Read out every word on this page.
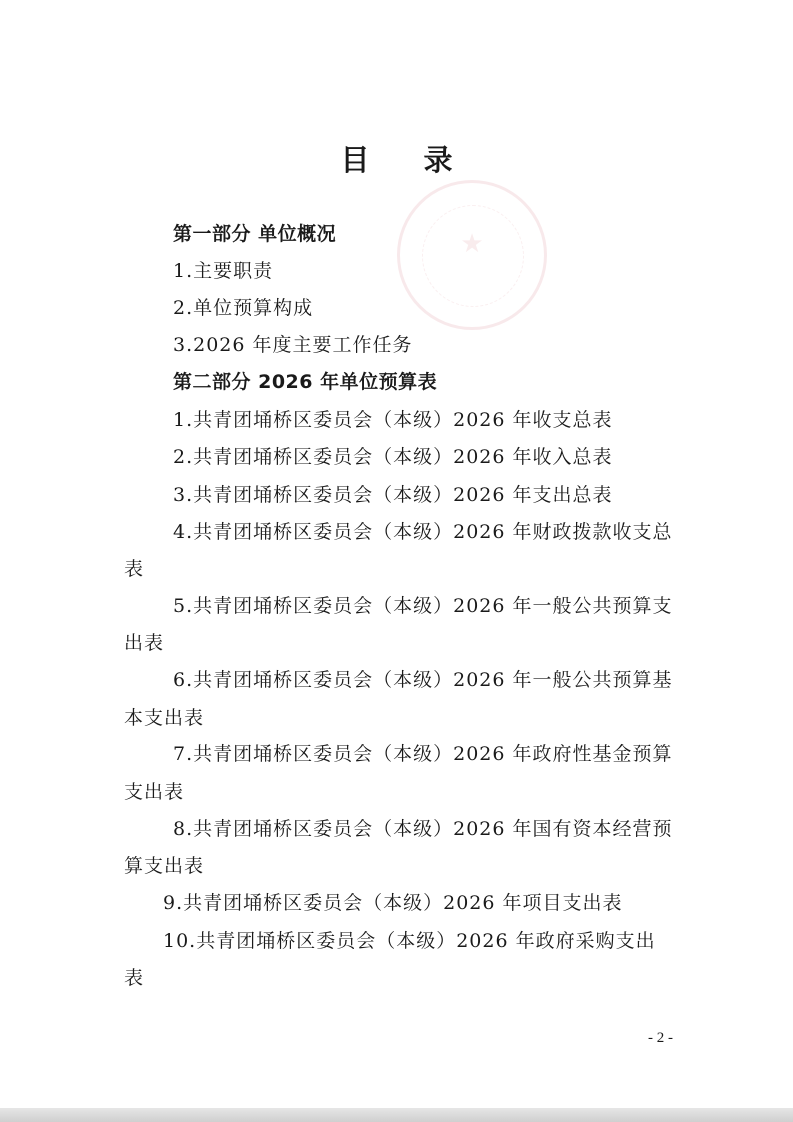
★
目 录
第一部分 单位概况
1.主要职责
2.单位预算构成
3.2026 年度主要工作任务
第二部分 2026 年单位预算表
1.共青团埇桥区委员会（本级）2026 年收支总表
2.共青团埇桥区委员会（本级）2026 年收入总表
3.共青团埇桥区委员会（本级）2026 年支出总表
4.共青团埇桥区委员会（本级）2026 年财政拨款收支总
表
5.共青团埇桥区委员会（本级）2026 年一般公共预算支
出表
6.共青团埇桥区委员会（本级）2026 年一般公共预算基
本支出表
7.共青团埇桥区委员会（本级）2026 年政府性基金预算
支出表
8.共青团埇桥区委员会（本级）2026 年国有资本经营预
算支出表
9.共青团埇桥区委员会（本级）2026 年项目支出表
10.共青团埇桥区委员会（本级）2026 年政府采购支出
表
- 2 -
